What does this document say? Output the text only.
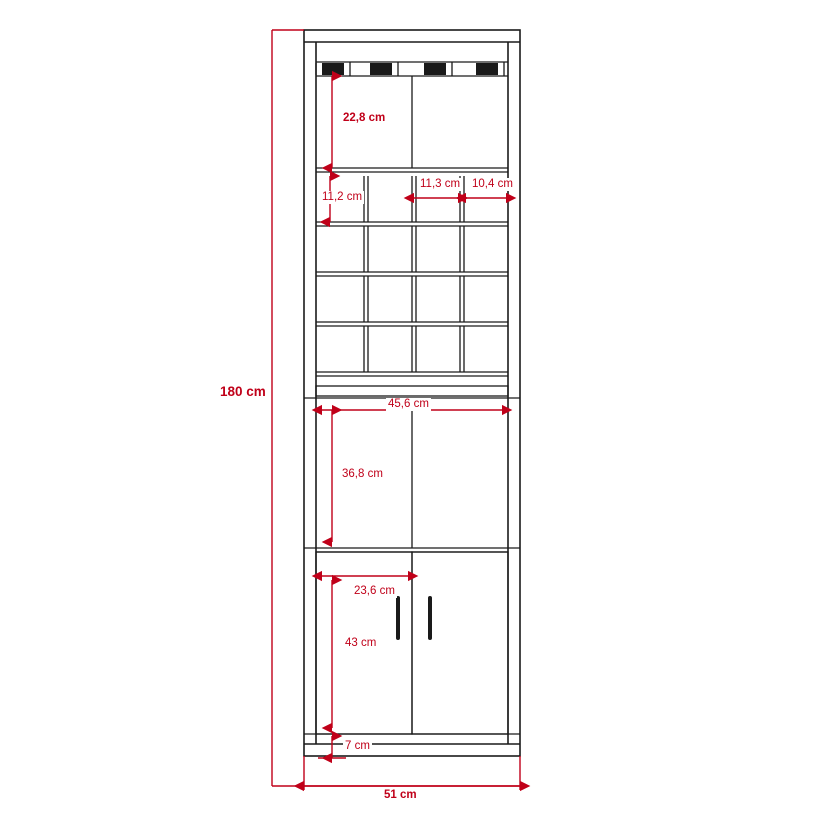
180 cm
51 cm
22,8 cm
11,2 cm
11,3 cm 10,4 cm
45,6 cm
36,8 cm
23,6 cm
43 cm
7 cm
